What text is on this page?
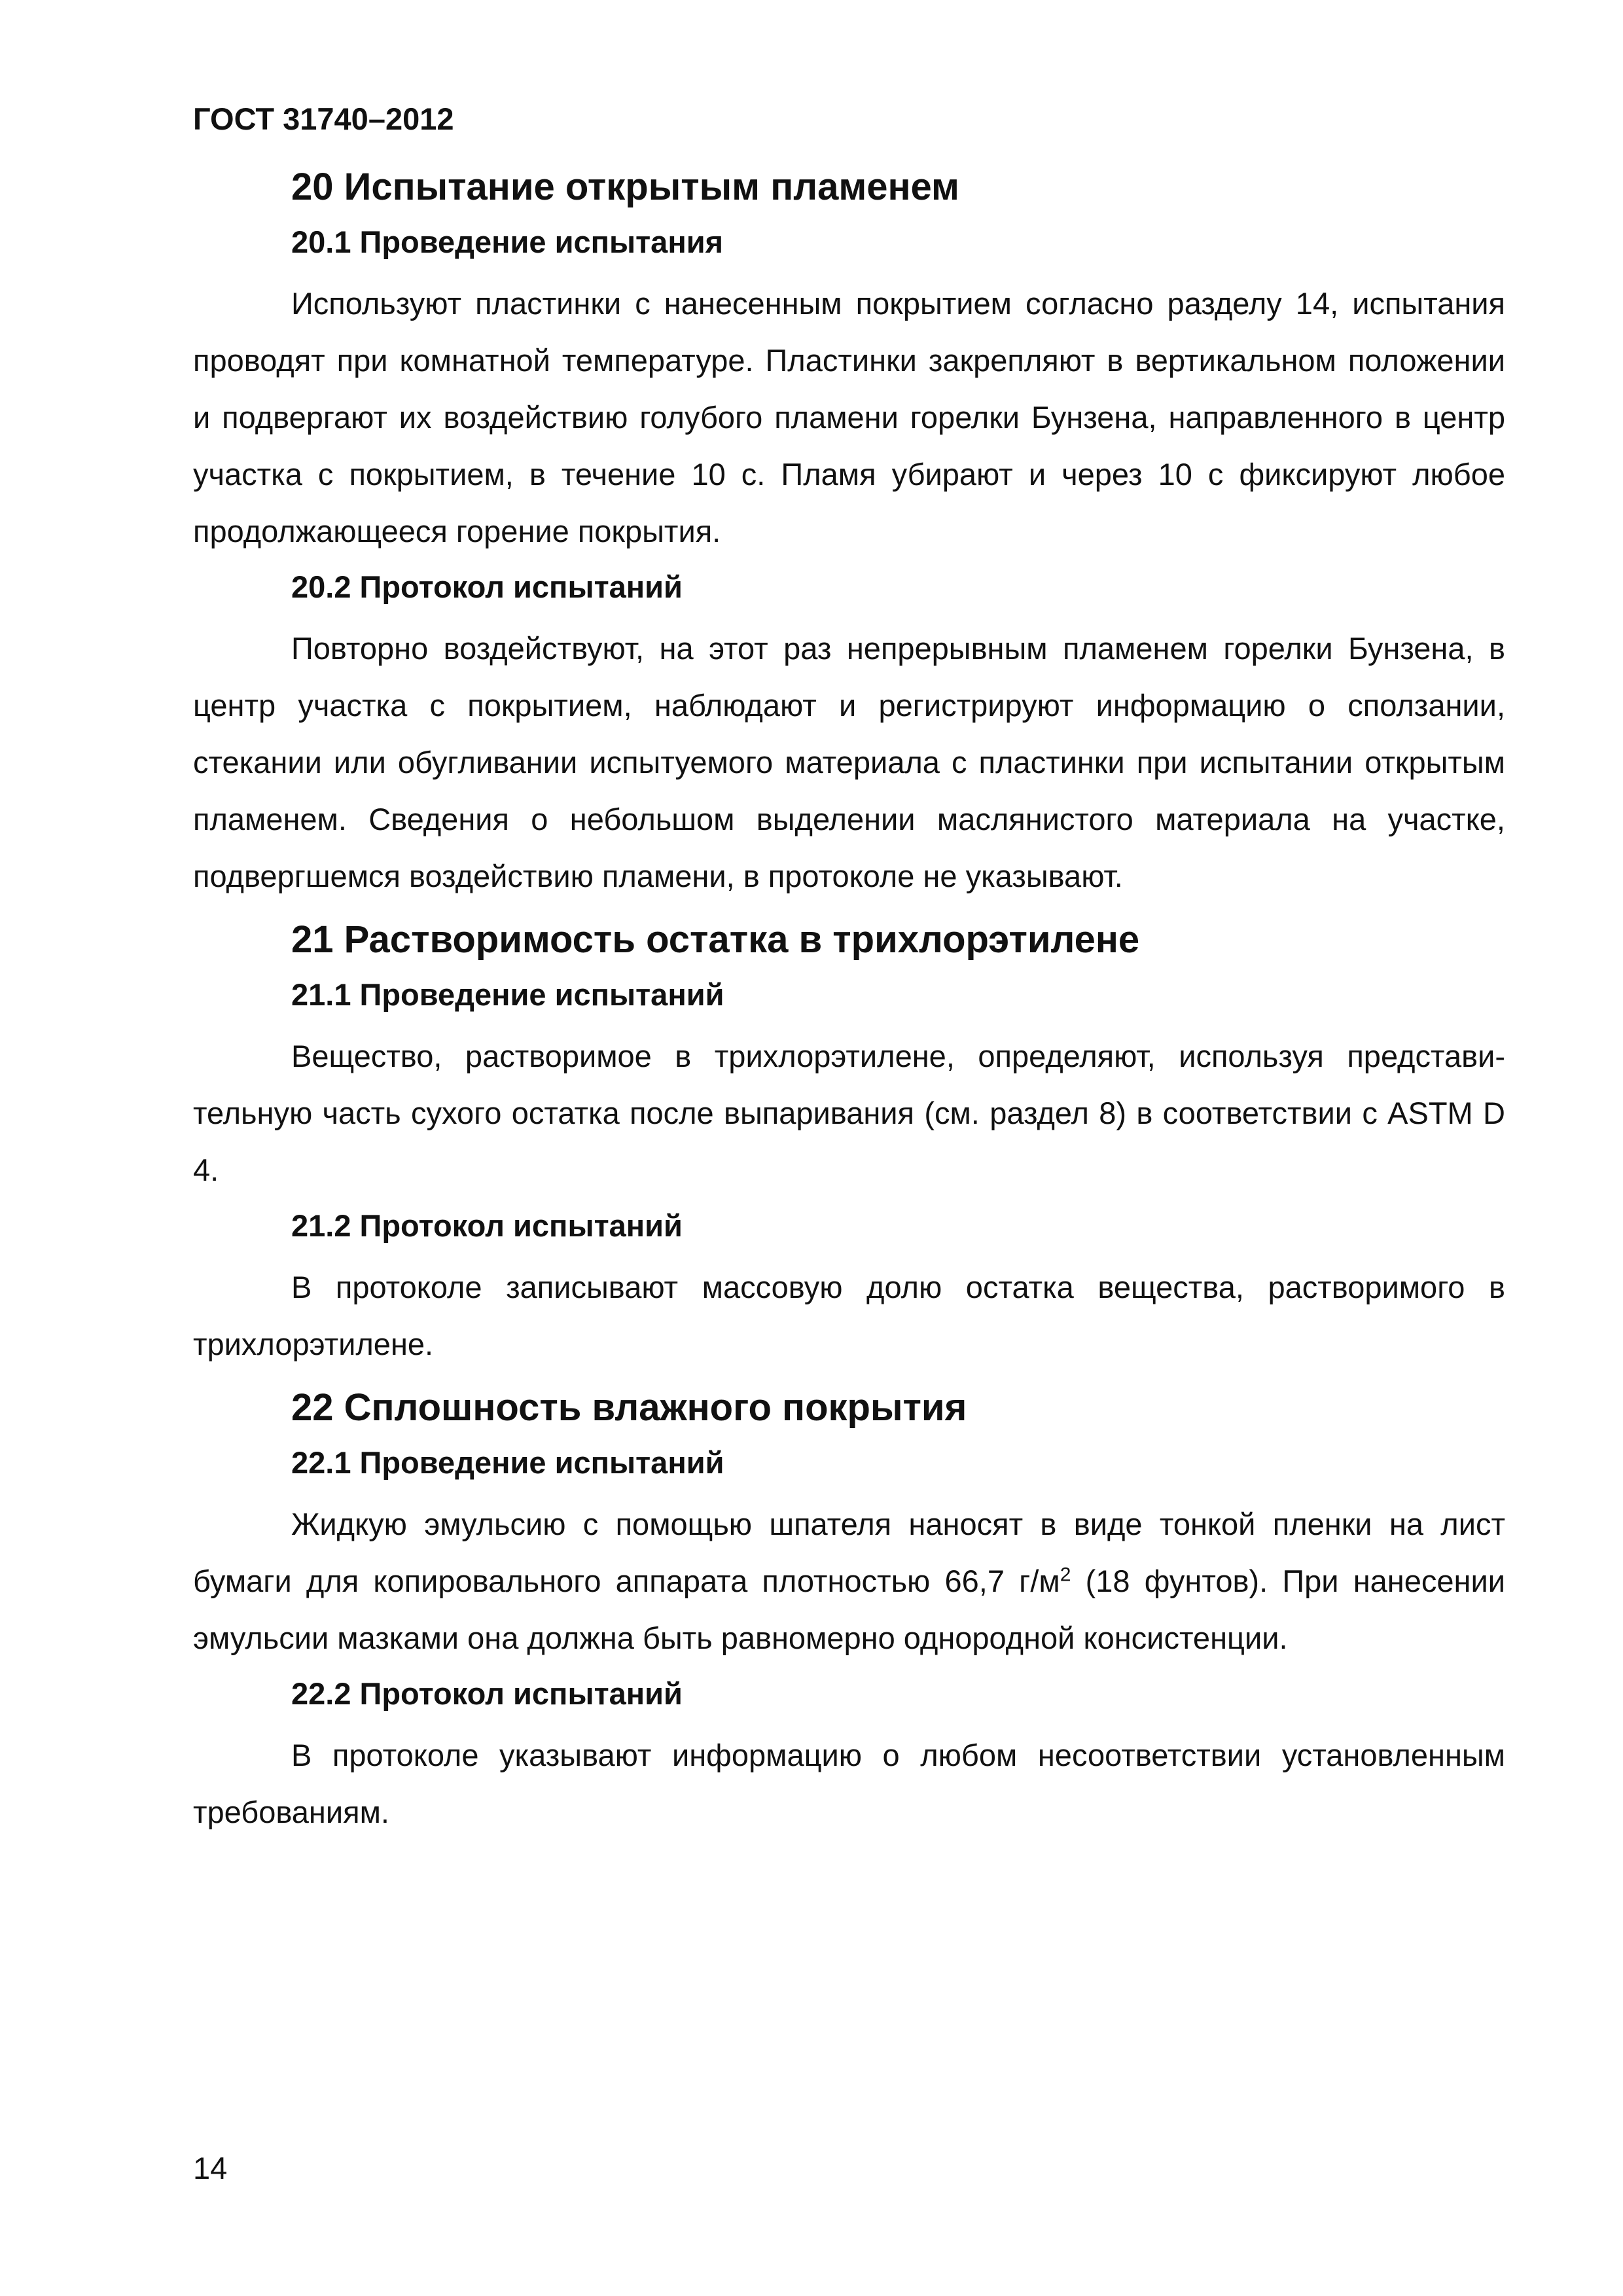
ГОСТ 31740–2012
20 Испытание открытым пламенем
20.1 Проведение испытания

Используют пластинки с нанесенным покрытием согласно разделу 14, испытания проводят при комнатной температуре. Пластинки закрепляют в вертикальном положении и подвергают их воздействию голубого пламени горелки Бунзена, направленного в центр участка с покрытием, в течение 10 с. Пламя убирают и через 10 с фиксируют любое продолжающееся горение покрытия.

20.2 Протокол испытаний

Повторно воздействуют, на этот раз непрерывным пламенем горелки Бунзена, в центр участка с покрытием, наблюдают и регистрируют информацию о сползании, стекании или обугливании испытуемого материала с пластинки при испытании открытым пламенем. Сведения о небольшом выделении маслянистого материала на участке, подвергшемся воздействию пламени, в протоколе не указывают.

21 Растворимость остатка в трихлорэтилене
21.1 Проведение испытаний

Вещество, растворимое в трихлорэтилене, определяют, используя представительную часть сухого остатка после выпаривания (см. раздел 8) в соответствии с ASTM D 4.

21.2 Протокол испытаний

В протоколе записывают массовую долю остатка вещества, растворимого в трихлорэтилене.

22 Сплошность влажного покрытия
22.1 Проведение испытаний

Жидкую эмульсию с помощью шпателя наносят в виде тонкой пленки на лист бумаги для копировального аппарата плотностью 66,7 $г/м^2$ (18 фунтов). При нанесении эмульсии мазками она должна быть равномерно однородной консистенции.

22.2 Протокол испытаний

В протоколе указывают информацию о любом несоответствии установленным требованиям.

14
